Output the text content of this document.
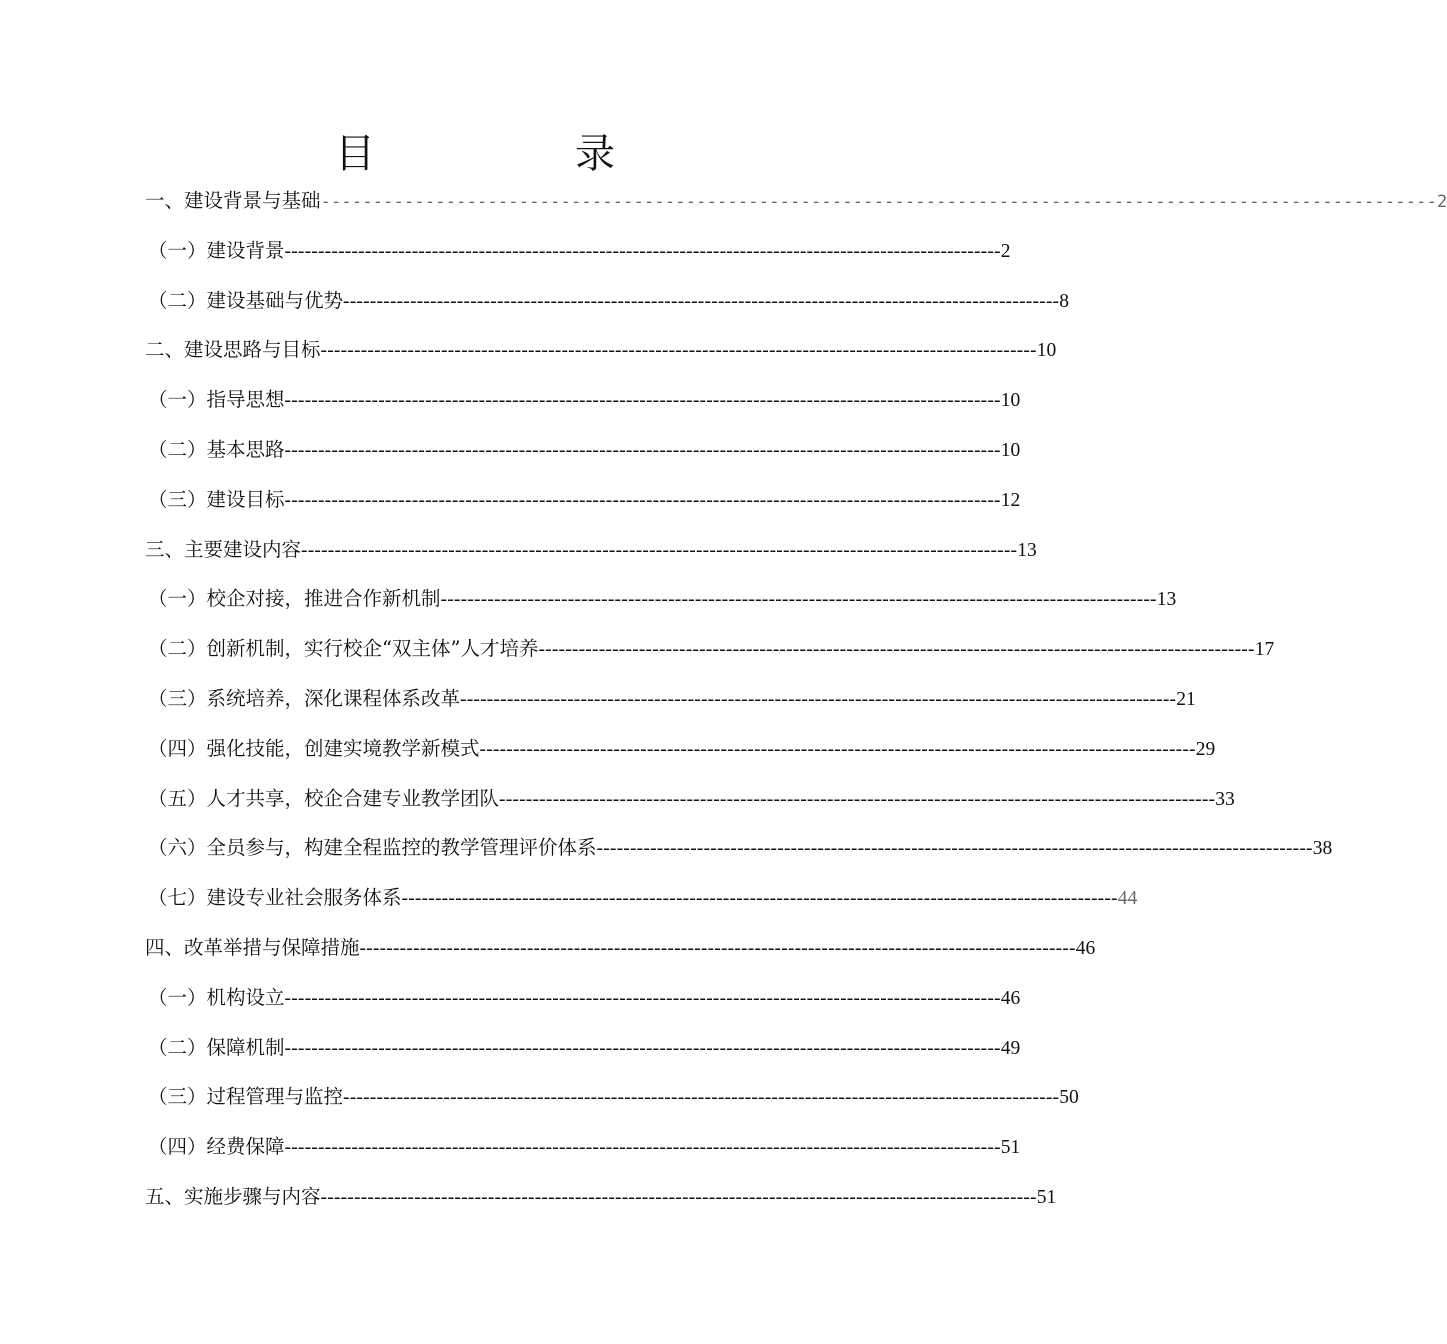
目　录
一、建设背景与基础 ----------------------------------------------------------------------------------------------------------- 2
（一）建设背景 ----------------------------------------------------------------------------------------------------------- 2
（二）建设基础与优势 ----------------------------------------------------------------------------------------------------------- 8
二、建设思路与目标 ----------------------------------------------------------------------------------------------------------- 10
（一）指导思想 ----------------------------------------------------------------------------------------------------------- 10
（二）基本思路 ----------------------------------------------------------------------------------------------------------- 10
（三）建设目标 ----------------------------------------------------------------------------------------------------------- 12
三、主要建设内容 ----------------------------------------------------------------------------------------------------------- 13
（一）校企对接，推进合作新机制 ----------------------------------------------------------------------------------------------------------- 13
（二）创新机制，实行校企“双主体”人才培养 ----------------------------------------------------------------------------------------------------------- 17
（三）系统培养，深化课程体系改革 ----------------------------------------------------------------------------------------------------------- 21
（四）强化技能，创建实境教学新模式 ----------------------------------------------------------------------------------------------------------- 29
（五）人才共享，校企合建专业教学团队 ----------------------------------------------------------------------------------------------------------- 33
（六）全员参与，构建全程监控的教学管理评价体系 ----------------------------------------------------------------------------------------------------------- 38
（七）建设专业社会服务体系 ----------------------------------------------------------------------------------------------------------- 44
四、改革举措与保障措施 ----------------------------------------------------------------------------------------------------------- 46
（一）机构设立 ----------------------------------------------------------------------------------------------------------- 46
（二）保障机制 ----------------------------------------------------------------------------------------------------------- 49
（三）过程管理与监控 ----------------------------------------------------------------------------------------------------------- 50
（四）经费保障 ----------------------------------------------------------------------------------------------------------- 51
五、实施步骤与内容 ----------------------------------------------------------------------------------------------------------- 51
